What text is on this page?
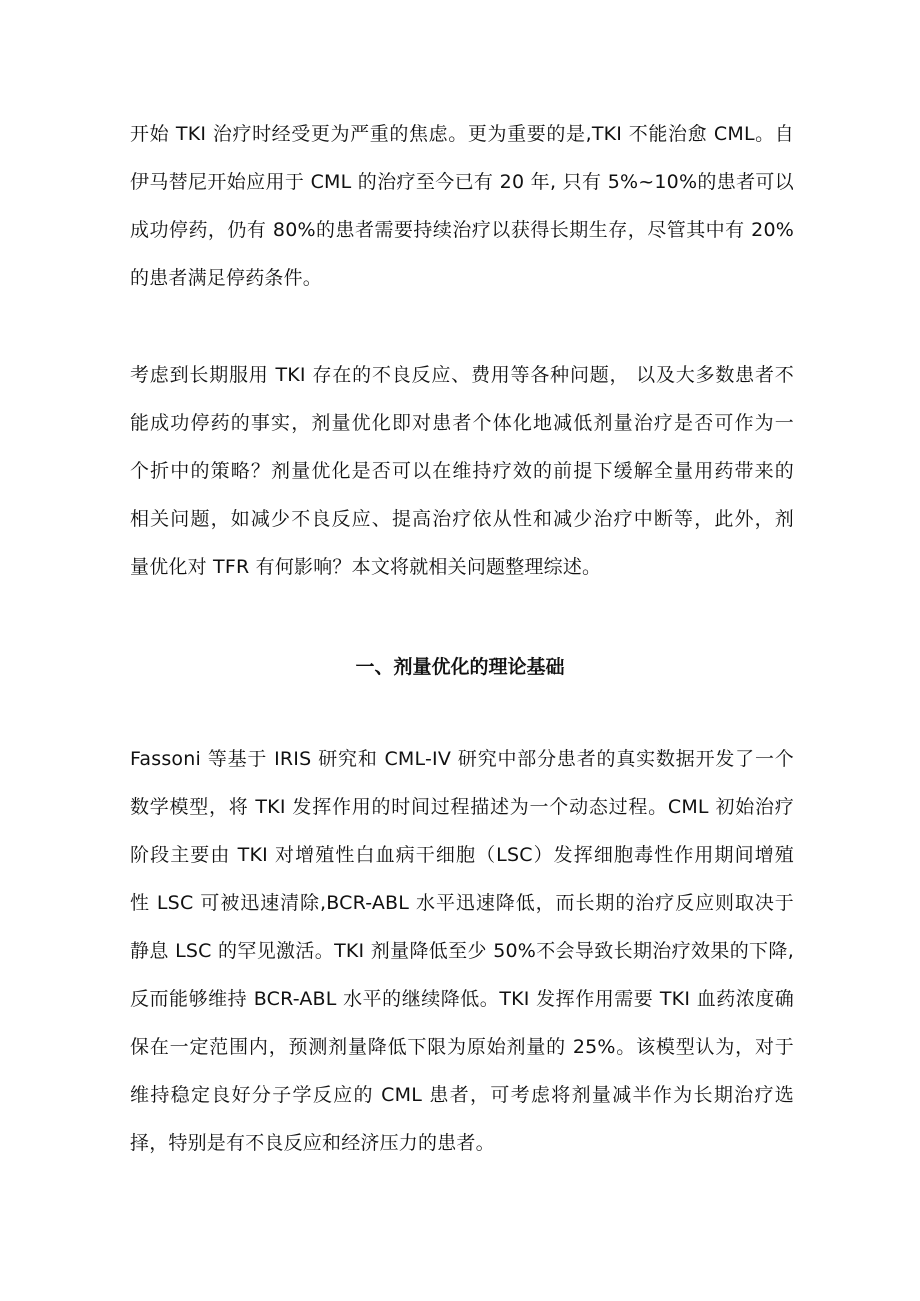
开始 TKI 治疗时经受更为严重的焦虑。更为重要的是,TKI 不能治愈 CML。自
伊马替尼开始应用于 CML 的治疗至今已有 20 年, 只有 5%~10%的患者可以
成功停药，仍有 80%的患者需要持续治疗以获得长期生存，尽管其中有 20%
的患者满足停药条件。

考虑到长期服用 TKI 存在的不良反应、费用等各种问题， 以及大多数患者不
能成功停药的事实，剂量优化即对患者个体化地减低剂量治疗是否可作为一
个折中的策略？剂量优化是否可以在维持疗效的前提下缓解全量用药带来的
相关问题，如减少不良反应、提高治疗依从性和减少治疗中断等，此外，剂
量优化对 TFR 有何影响？本文将就相关问题整理综述。

一、剂量优化的理论基础

Fassoni 等基于 IRIS 研究和 CML-IV 研究中部分患者的真实数据开发了一个
数学模型，将 TKI 发挥作用的时间过程描述为一个动态过程。CML 初始治疗
阶段主要由 TKI 对增殖性白血病干细胞（LSC）发挥细胞毒性作用期间增殖
性 LSC 可被迅速清除,BCR-ABL 水平迅速降低，而长期的治疗反应则取决于
静息 LSC 的罕见激活。TKI 剂量降低至少 50%不会导致长期治疗效果的下降,
反而能够维持 BCR-ABL 水平的继续降低。TKI 发挥作用需要 TKI 血药浓度确
保在一定范围内，预测剂量降低下限为原始剂量的 25%。该模型认为，对于
维持稳定良好分子学反应的 CML 患者，可考虑将剂量减半作为长期治疗选
择，特别是有不良反应和经济压力的患者。
